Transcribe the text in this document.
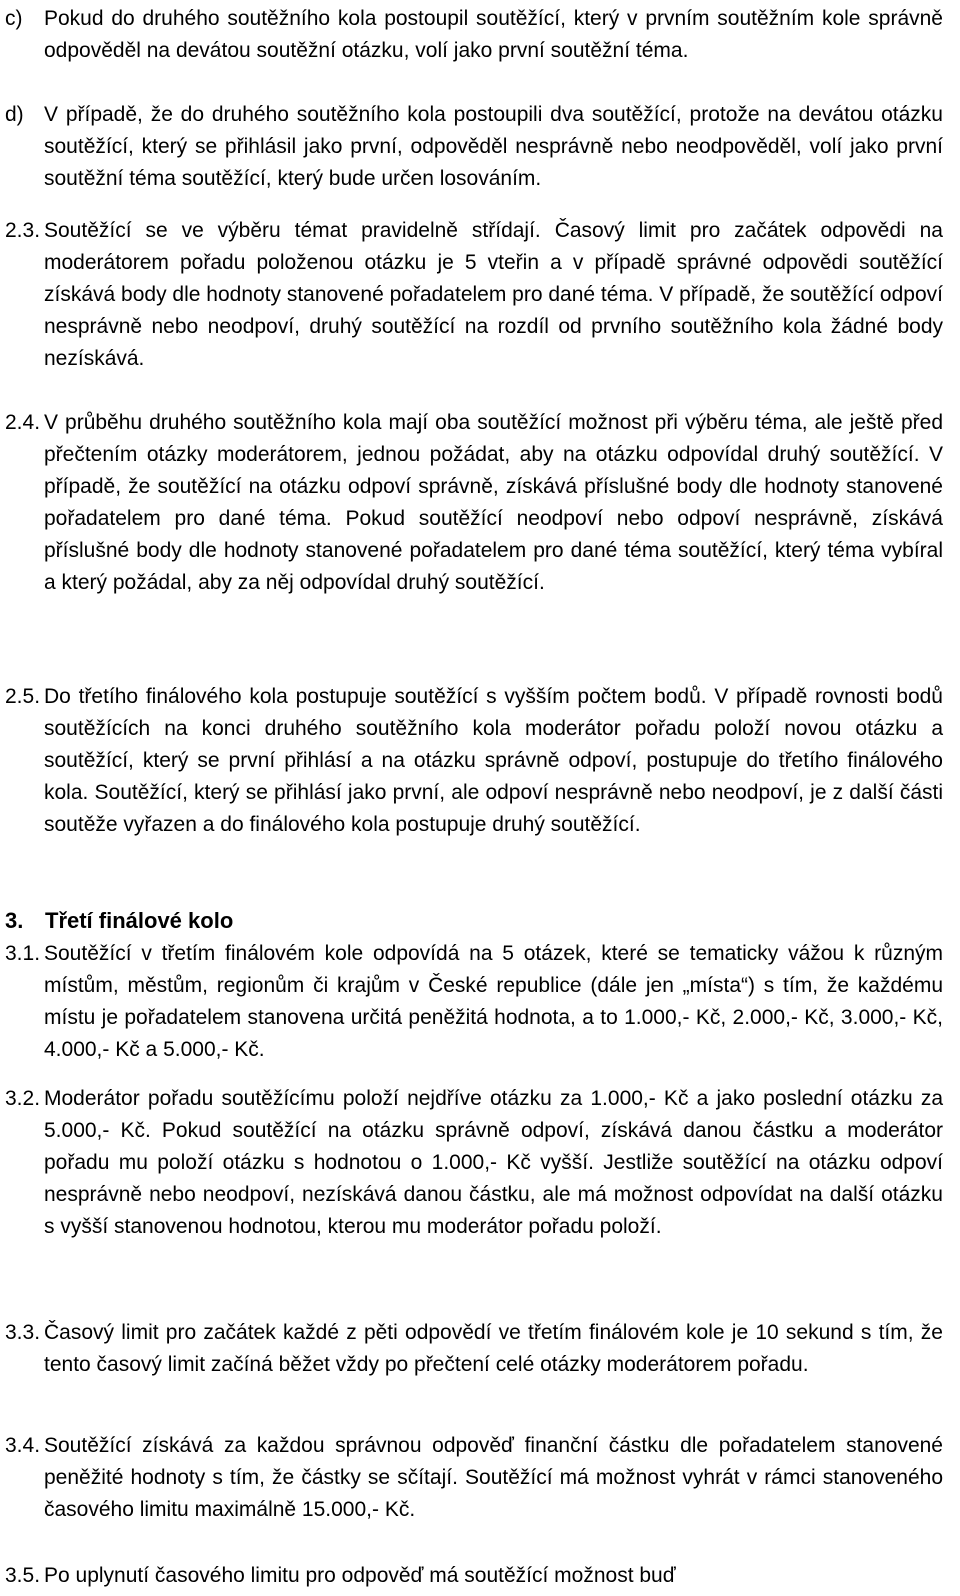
c) Pokud do druhého soutěžního kola postoupil soutěžící, který v prvním soutěžním kole správně odpověděl na devátou soutěžní otázku, volí jako první soutěžní téma.
d) V případě, že do druhého soutěžního kola postoupili dva soutěžící, protože na devátou otázku soutěžící, který se přihlásil jako první, odpověděl nesprávně nebo neodpověděl, volí jako první soutěžní téma soutěžící, který bude určen losováním.
2.3. Soutěžící se ve výběru témat pravidelně střídají. Časový limit pro začátek odpovědi na moderátorem pořadu položenou otázku je 5 vteřin a v případě správné odpovědi soutěžící získává body dle hodnoty stanovené pořadatelem pro dané téma. V případě, že soutěžící odpoví nesprávně nebo neodpoví, druhý soutěžící na rozdíl od prvního soutěžního kola žádné body nezískává.
2.4. V průběhu druhého soutěžního kola mají oba soutěžící možnost při výběru téma, ale ještě před přečtením otázky moderátorem, jednou požádat, aby na otázku odpovídal druhý soutěžící. V případě, že soutěžící na otázku odpoví správně, získává příslušné body dle hodnoty stanovené pořadatelem pro dané téma. Pokud soutěžící neodpoví nebo odpoví nesprávně, získává příslušné body dle hodnoty stanovené pořadatelem pro dané téma soutěžící, který téma vybíral a který požádal, aby za něj odpovídal druhý soutěžící.
2.5. Do třetího finálového kola postupuje soutěžící s vyšším počtem bodů. V případě rovnosti bodů soutěžících na konci druhého soutěžního kola moderátor pořadu položí novou otázku a soutěžící, který se první přihlásí a na otázku správně odpoví, postupuje do třetího finálového kola. Soutěžící, který se přihlásí jako první, ale odpoví nesprávně nebo neodpoví, je z další části soutěže vyřazen a do finálového kola postupuje druhý soutěžící.
3. Třetí finálové kolo
3.1. Soutěžící v třetím finálovém kole odpovídá na 5 otázek, které se tematicky vážou k různým místům, městům, regionům či krajům v České republice (dále jen „místa“) s tím, že každému místu je pořadatelem stanovena určitá peněžitá hodnota, a to 1.000,- Kč, 2.000,- Kč, 3.000,- Kč, 4.000,- Kč a 5.000,- Kč.
3.2. Moderátor pořadu soutěžícímu položí nejdříve otázku za 1.000,- Kč a jako poslední otázku za 5.000,- Kč. Pokud soutěžící na otázku správně odpoví, získává danou částku a moderátor pořadu mu položí otázku s hodnotou o 1.000,- Kč vyšší. Jestliže soutěžící na otázku odpoví nesprávně nebo neodpoví, nezískává danou částku, ale má možnost odpovídat na další otázku s vyšší stanovenou hodnotou, kterou mu moderátor pořadu položí.
3.3. Časový limit pro začátek každé z pěti odpovědí ve třetím finálovém kole je 10 sekund s tím, že tento časový limit začíná běžet vždy po přečtení celé otázky moderátorem pořadu.
3.4. Soutěžící získává za každou správnou odpověď finanční částku dle pořadatelem stanovené peněžité hodnoty s tím, že částky se sčítají. Soutěžící má možnost vyhrát v rámci stanoveného časového limitu maximálně 15.000,- Kč.
3.5. Po uplynutí časového limitu pro odpověď má soutěžící možnost buď
